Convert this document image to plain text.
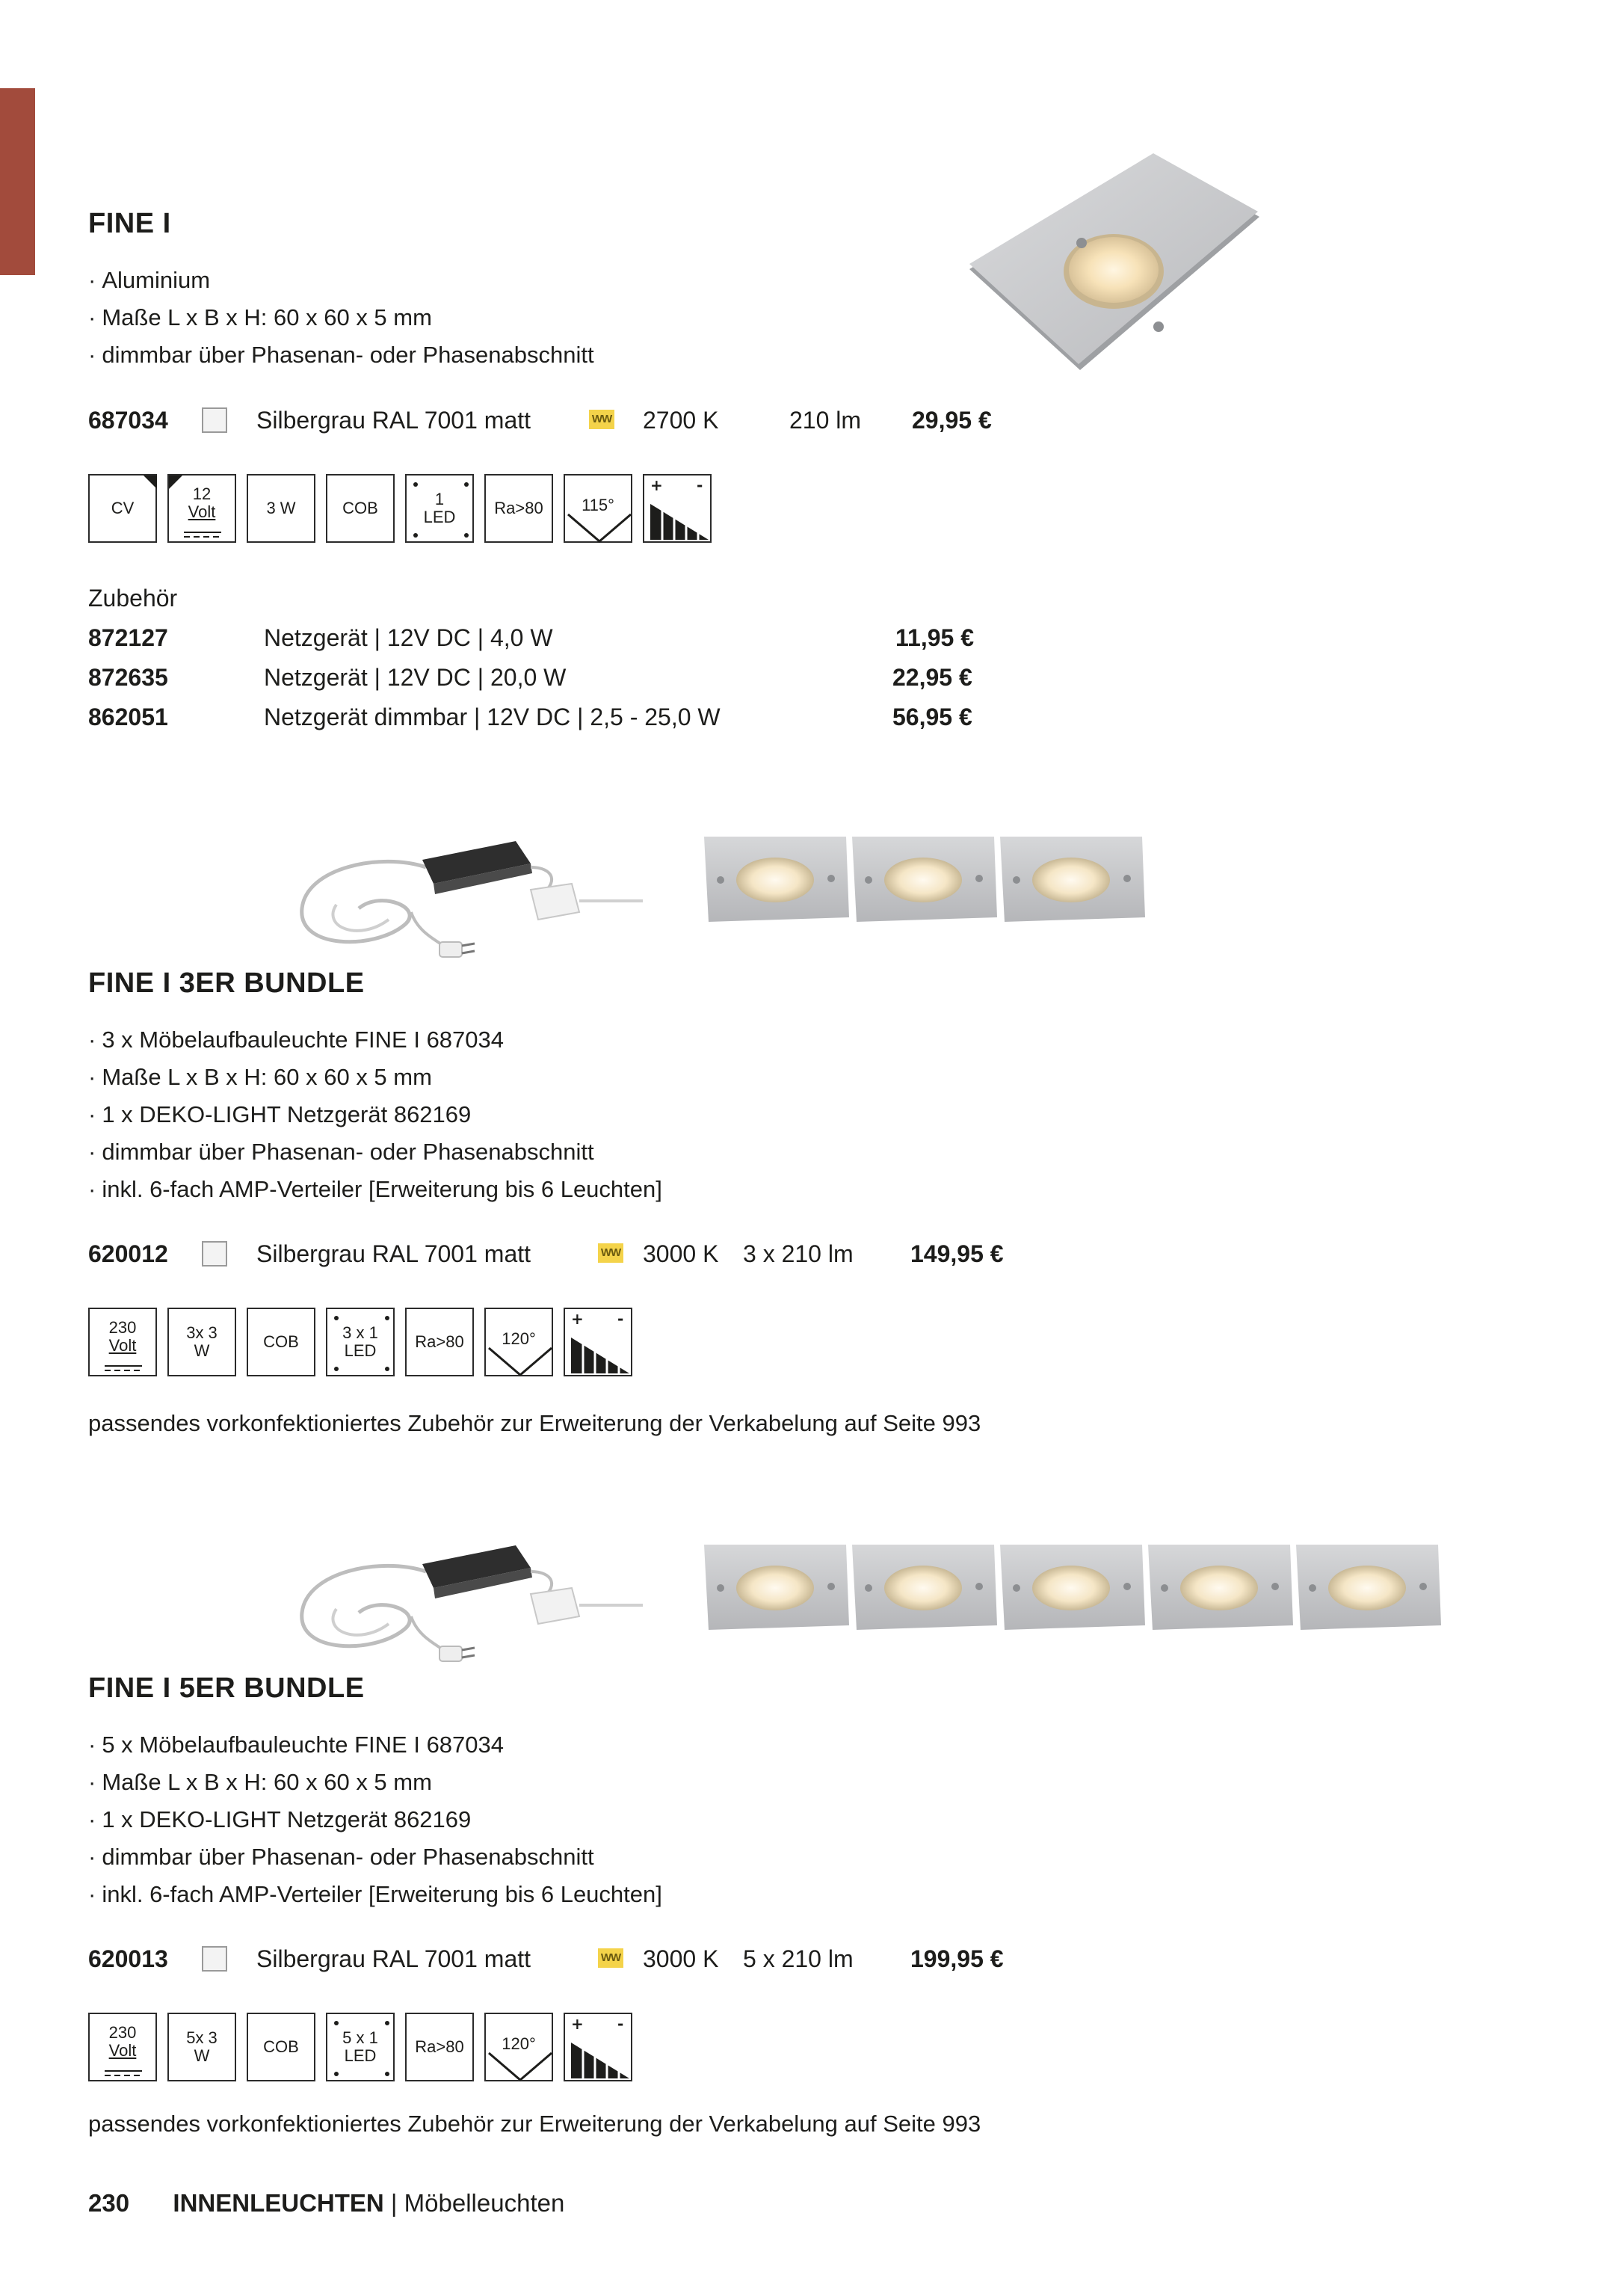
FINE I
· Aluminium
· Maße L x B x H: 60 x 60 x 5 mm
· dimmbar über Phasenan- oder Phasenabschnitt
687034	Silbergrau RAL 7001 matt	WW 2700 K	210 lm 29,95 €
CV
12
Volt	3 W	COB	1
LED	Ra>80	115°
+ -
Zubehör
872127	Netzgerät | 12V DC | 4,0 W	11,95 €
872635	Netzgerät | 12V DC | 20,0 W	22,95 €
862051	Netzgerät dimmbar | 12V DC | 2,5 - 25,0 W	56,95 €
FINE I 3ER BUNDLE
· 3 x Möbelaufbauleuchte FINE I 687034
· Maße L x B x H: 60 x 60 x 5 mm
· 1 x DEKO-LIGHT Netzgerät 862169
· dimmbar über Phasenan- oder Phasenabschnitt
· inkl. 6-fach AMP-Verteiler [Erweiterung bis 6 Leuchten]
620012	Silbergrau RAL 7001 matt	WW 3000 K 3 x 210 lm 149,95 €
230
Volt
3x 3
W	COB	3 x 1
LED	Ra>80	120°
+ -
passendes vorkonfektioniertes Zubehör zur Erweiterung der Verkabelung auf Seite 993
FINE I 5ER BUNDLE
· 5 x Möbelaufbauleuchte FINE I 687034
· Maße L x B x H: 60 x 60 x 5 mm
· 1 x DEKO-LIGHT Netzgerät 862169
· dimmbar über Phasenan- oder Phasenabschnitt
· inkl. 6-fach AMP-Verteiler [Erweiterung bis 6 Leuchten]
620013	Silbergrau RAL 7001 matt	WW 3000 K 5 x 210 lm 199,95 €
230
Volt
5x 3
W	COB	5 x 1
LED	Ra>80	120°
+ -
passendes vorkonfektioniertes Zubehör zur Erweiterung der Verkabelung auf Seite 993
230 INNENLEUCHTEN | Möbelleuchten
